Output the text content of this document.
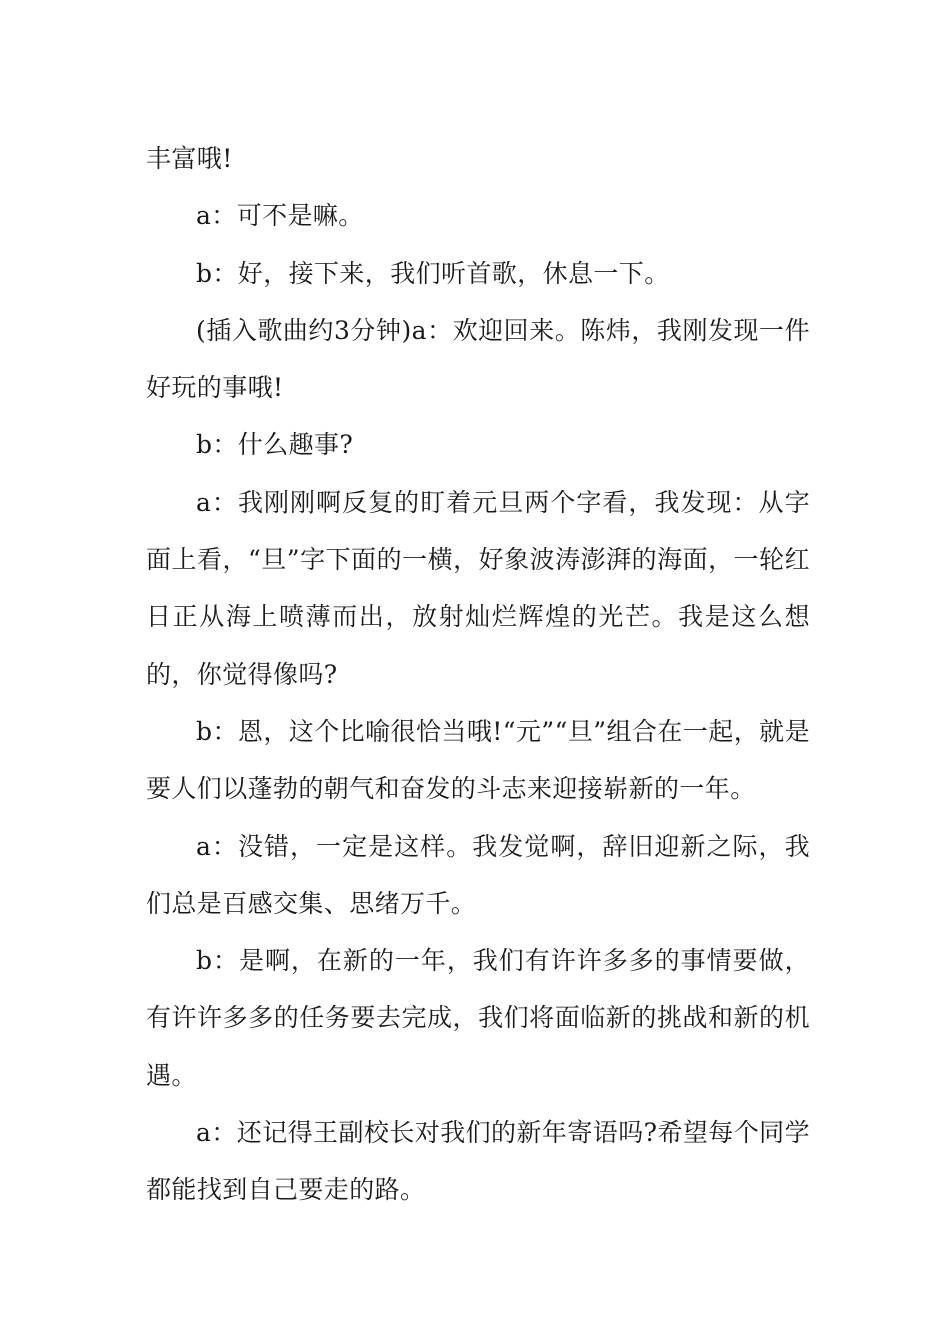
丰富哦!

a：可不是嘛。

b：好，接下来，我们听首歌，休息一下。

(插入歌曲约3分钟)a：欢迎回来。陈炜，我刚发现一件好玩的事哦!

b：什么趣事?

a：我刚刚啊反复的盯着元旦两个字看，我发现：从字面上看，“旦”字下面的一横，好象波涛澎湃的海面，一轮红日正从海上喷薄而出，放射灿烂辉煌的光芒。我是这么想的，你觉得像吗?

b：恩，这个比喻很恰当哦!“元”“旦”组合在一起，就是要人们以蓬勃的朝气和奋发的斗志来迎接崭新的一年。

a：没错，一定是这样。我发觉啊，辞旧迎新之际，我们总是百感交集、思绪万千。

b：是啊，在新的一年，我们有许许多多的事情要做，有许许多多的任务要去完成，我们将面临新的挑战和新的机遇。

a：还记得王副校长对我们的新年寄语吗?希望每个同学都能找到自己要走的路。
